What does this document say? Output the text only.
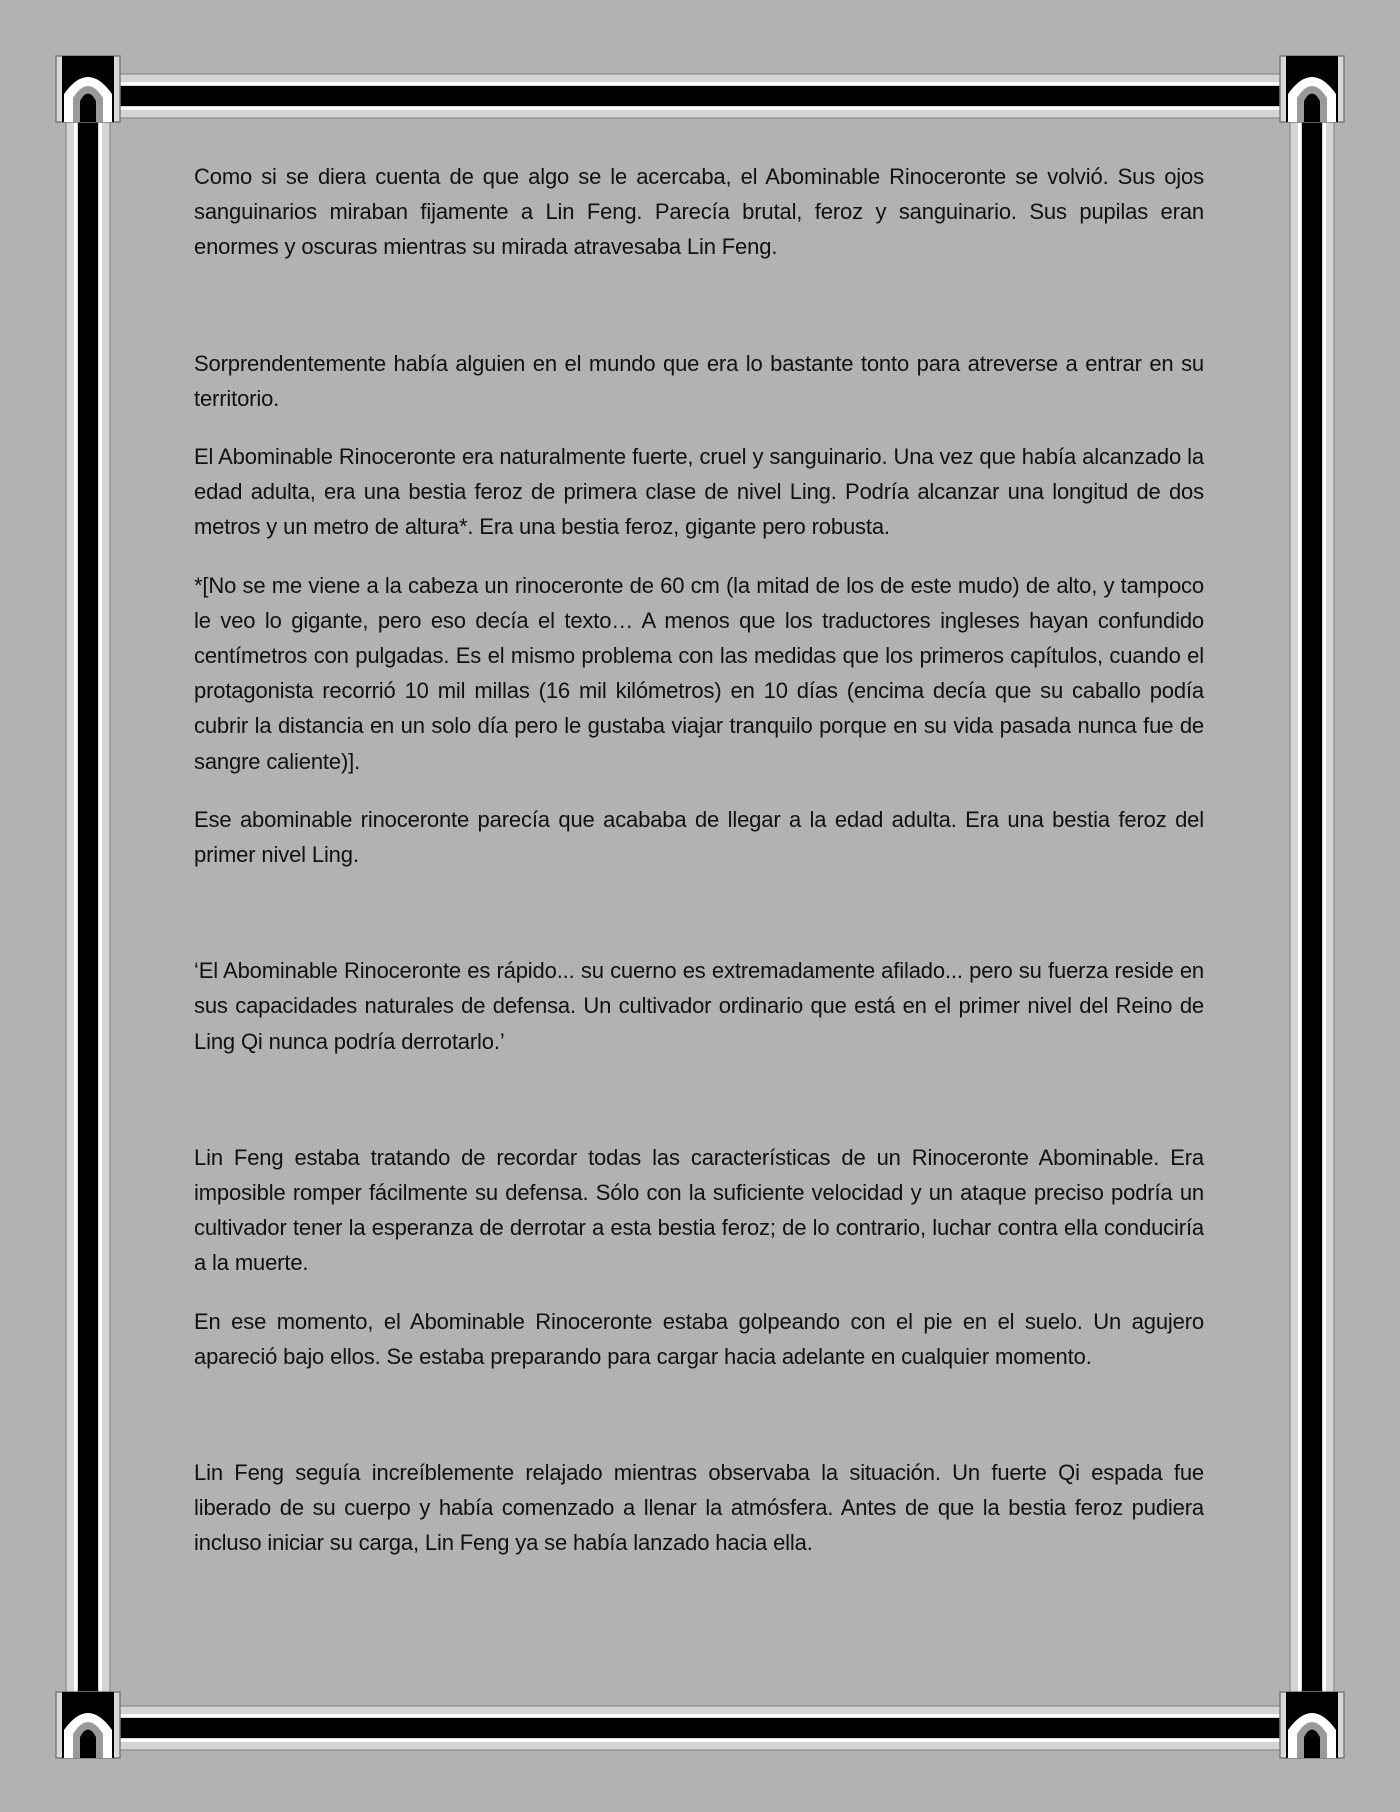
Como si se diera cuenta de que algo se le acercaba, el Abominable Rinoceronte se volvió. Sus ojos sanguinarios miraban fijamente a Lin Feng. Parecía brutal, feroz y sanguinario. Sus pupilas eran enormes y oscuras mientras su mirada atravesaba Lin Feng.

Sorprendentemente había alguien en el mundo que era lo bastante tonto para atreverse a entrar en su territorio.

El Abominable Rinoceronte era naturalmente fuerte, cruel y sanguinario. Una vez que había alcanzado la edad adulta, era una bestia feroz de primera clase de nivel Ling. Podría alcanzar una longitud de dos metros y un metro de altura*. Era una bestia feroz, gigante pero robusta.

*[No se me viene a la cabeza un rinoceronte de 60 cm (la mitad de los de este mudo) de alto, y tampoco le veo lo gigante, pero eso decía el texto… A menos que los traductores ingleses hayan confundido centímetros con pulgadas. Es el mismo problema con las medidas que los primeros capítulos, cuando el protagonista recorrió 10 mil millas (16 mil kilómetros) en 10 días (encima decía que su caballo podía cubrir la distancia en un solo día pero le gustaba viajar tranquilo porque en su vida pasada nunca fue de sangre caliente)].

Ese abominable rinoceronte parecía que acababa de llegar a la edad adulta. Era una bestia feroz del primer nivel Ling.

‘El Abominable Rinoceronte es rápido... su cuerno es extremadamente afilado... pero su fuerza reside en sus capacidades naturales de defensa. Un cultivador ordinario que está en el primer nivel del Reino de Ling Qi nunca podría derrotarlo.’

Lin Feng estaba tratando de recordar todas las características de un Rinoceronte Abominable. Era imposible romper fácilmente su defensa. Sólo con la suficiente velocidad y un ataque preciso podría un cultivador tener la esperanza de derrotar a esta bestia feroz; de lo contrario, luchar contra ella conduciría a la muerte.

En ese momento, el Abominable Rinoceronte estaba golpeando con el pie en el suelo. Un agujero apareció bajo ellos. Se estaba preparando para cargar hacia adelante en cualquier momento.

Lin Feng seguía increíblemente relajado mientras observaba la situación. Un fuerte Qi espada fue liberado de su cuerpo y había comenzado a llenar la atmósfera. Antes de que la bestia feroz pudiera incluso iniciar su carga, Lin Feng ya se había lanzado hacia ella.
